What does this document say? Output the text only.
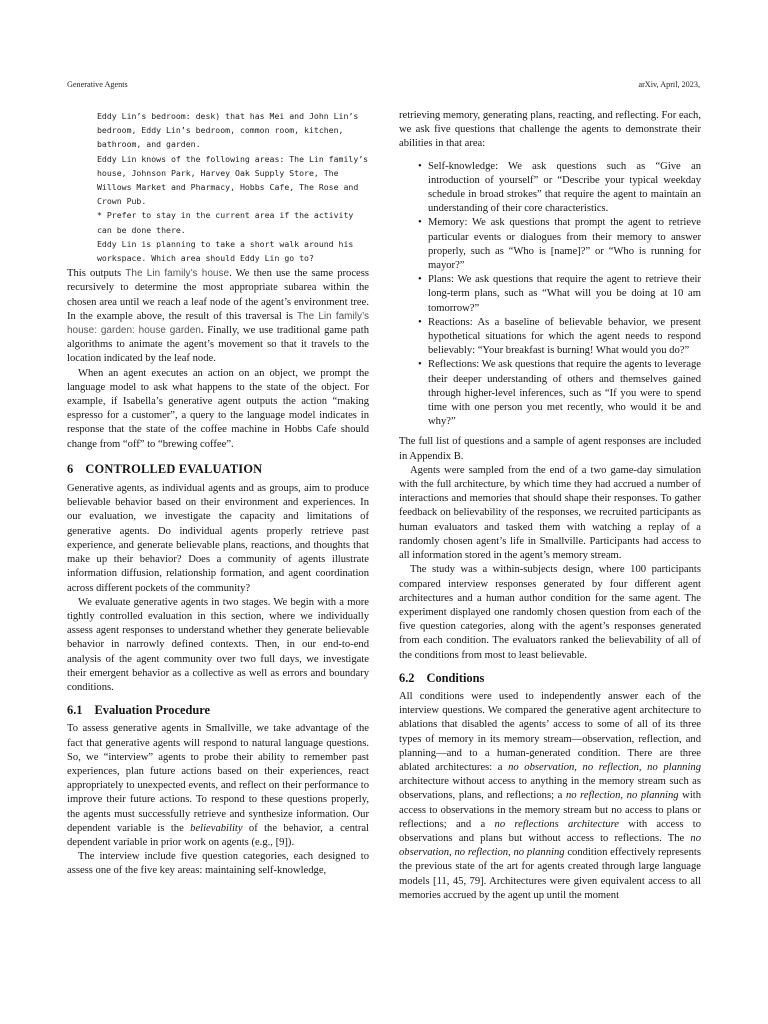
Generative Agents	arXiv, April, 2023,
Eddy Lin’s bedroom: desk) that has Mei and John Lin’s
bedroom, Eddy Lin’s bedroom, common room, kitchen, bathroom, and garden.
Eddy Lin knows of the following areas: The Lin family’s house, Johnson Park, Harvey Oak Supply Store, The Willows Market and Pharmacy, Hobbs Cafe, The Rose and Crown Pub.
* Prefer to stay in the current area if the activity can be done there.
Eddy Lin is planning to take a short walk around his workspace. Which area should Eddy Lin go to?

This outputs The Lin family’s house. We then use the same process recursively to determine the most appropriate subarea within the chosen area until we reach a leaf node of the agent’s environment tree. In the example above, the result of this traversal is The Lin family’s house: garden: house garden. Finally, we use traditional game path algorithms to animate the agent’s movement so that it travels to the location indicated by the leaf node.

When an agent executes an action on an object, we prompt the language model to ask what happens to the state of the object. For example, if Isabella’s generative agent outputs the action “making espresso for a customer”, a query to the language model indicates in response that the state of the coffee machine in Hobbs Cafe should change from “off” to “brewing coffee”.

6 CONTROLLED EVALUATION

Generative agents, as individual agents and as groups, aim to produce believable behavior based on their environment and experiences. In our evaluation, we investigate the capacity and limitations of generative agents. Do individual agents properly retrieve past experience, and generate believable plans, reactions, and thoughts that make up their behavior? Does a community of agents illustrate information diffusion, relationship formation, and agent coordination across different pockets of the community?

We evaluate generative agents in two stages. We begin with a more tightly controlled evaluation in this section, where we individually assess agent responses to understand whether they generate believable behavior in narrowly defined contexts. Then, in our end-to-end analysis of the agent community over two full days, we investigate their emergent behavior as a collective as well as errors and boundary conditions.

6.1 Evaluation Procedure

To assess generative agents in Smallville, we take advantage of the fact that generative agents will respond to natural language questions. So, we “interview” agents to probe their ability to remember past experiences, plan future actions based on their experiences, react appropriately to unexpected events, and reflect on their performance to improve their future actions. To respond to these questions properly, the agents must successfully retrieve and synthesize information. Our dependent variable is the believability of the behavior, a central dependent variable in prior work on agents (e.g., [9]).

The interview include five question categories, each designed to assess one of the five key areas: maintaining self-knowledge,

retrieving memory, generating plans, reacting, and reflecting. For each, we ask five questions that challenge the agents to demonstrate their abilities in that area:

• Self-knowledge: We ask questions such as “Give an introduction of yourself” or “Describe your typical weekday schedule in broad strokes” that require the agent to maintain an understanding of their core characteristics.
• Memory: We ask questions that prompt the agent to retrieve particular events or dialogues from their memory to answer properly, such as “Who is [name]?” or “Who is running for mayor?”
• Plans: We ask questions that require the agent to retrieve their long-term plans, such as “What will you be doing at 10 am tomorrow?”
• Reactions: As a baseline of believable behavior, we present hypothetical situations for which the agent needs to respond believably: “Your breakfast is burning! What would you do?”
• Reflections: We ask questions that require the agents to leverage their deeper understanding of others and themselves gained through higher-level inferences, such as “If you were to spend time with one person you met recently, who would it be and why?”

The full list of questions and a sample of agent responses are included in Appendix B.

Agents were sampled from the end of a two game-day simulation with the full architecture, by which time they had accrued a number of interactions and memories that should shape their responses. To gather feedback on believability of the responses, we recruited participants as human evaluators and tasked them with watching a replay of a randomly chosen agent’s life in Smallville. Participants had access to all information stored in the agent’s memory stream.

The study was a within-subjects design, where 100 participants compared interview responses generated by four different agent architectures and a human author condition for the same agent. The experiment displayed one randomly chosen question from each of the five question categories, along with the agent’s responses generated from each condition. The evaluators ranked the believability of all of the conditions from most to least believable.

6.2 Conditions

All conditions were used to independently answer each of the interview questions. We compared the generative agent architecture to ablations that disabled the agents’ access to some of all of its three types of memory in its memory stream—observation, reflection, and planning—and to a human-generated condition. There are three ablated architectures: a no observation, no reflection, no planning architecture without access to anything in the memory stream such as observations, plans, and reflections; a no reflection, no planning with access to observations in the memory stream but no access to plans or reflections; and a no reflections architecture with access to observations and plans but without access to reflections. The no observation, no reflection, no planning condition effectively represents the previous state of the art for agents created through large language models [11, 45, 79]. Architectures were given equivalent access to all memories accrued by the agent up until the moment
